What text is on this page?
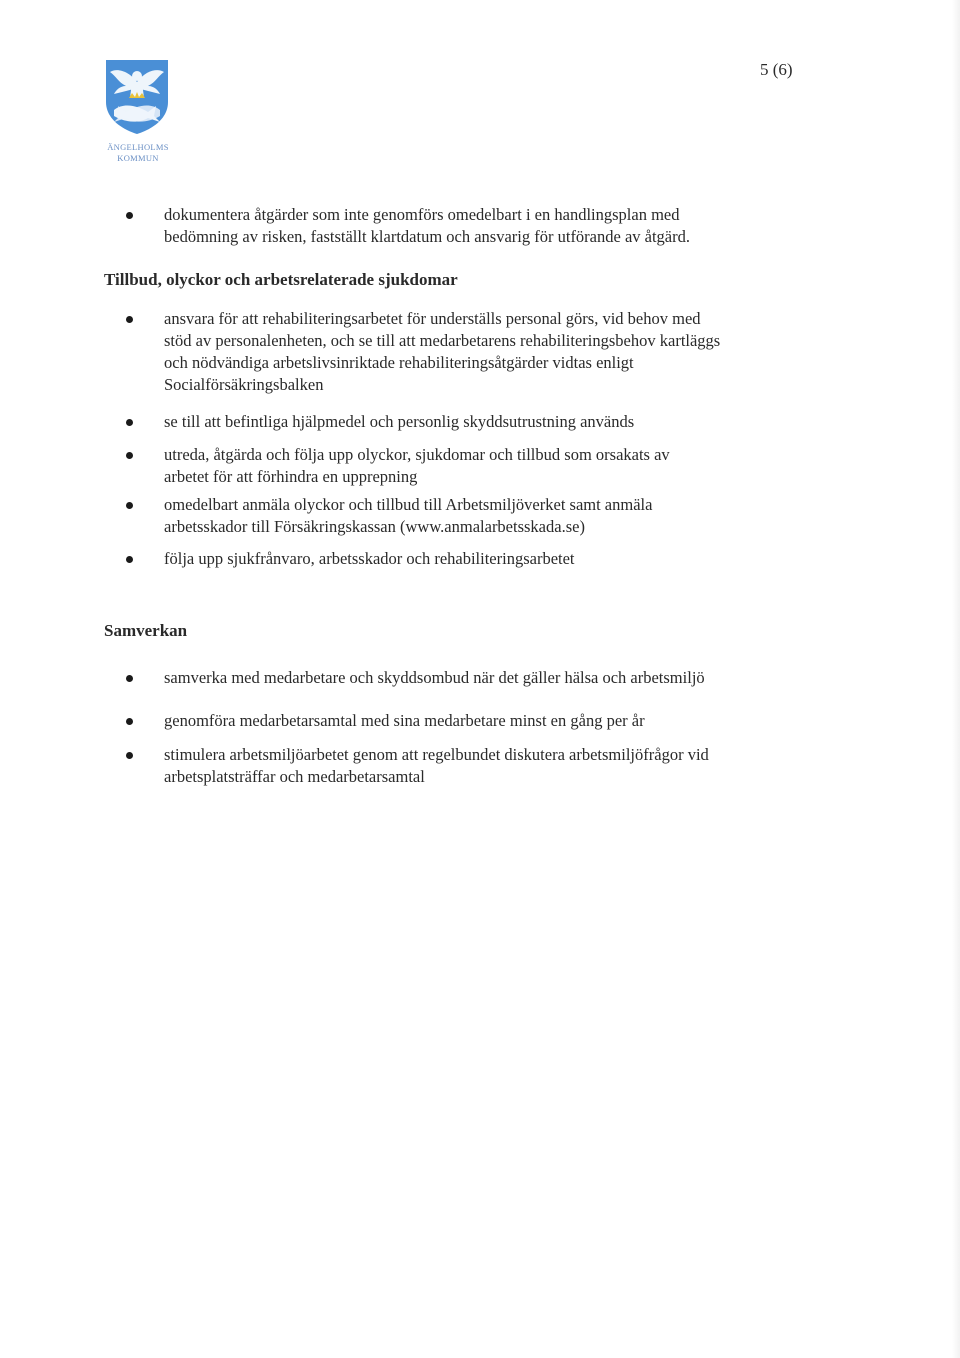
ÄNGELHOLMS
KOMMUN
5 (6)
dokumentera åtgärder som inte genomförs omedelbart i en handlingsplan med
bedömning av risken, fastställt klartdatum och ansvarig för utförande av åtgärd.
Tillbud, olyckor och arbetsrelaterade sjukdomar
ansvara för att rehabiliteringsarbetet för underställs personal görs, vid behov med
stöd av personalenheten, och se till att medarbetarens rehabiliteringsbehov kartläggs
och nödvändiga arbetslivsinriktade rehabiliteringsåtgärder vidtas enligt
Socialförsäkringsbalken
se till att befintliga hjälpmedel och personlig skyddsutrustning används
utreda, åtgärda och följa upp olyckor, sjukdomar och tillbud som orsakats av
arbetet för att förhindra en upprepning
omedelbart anmäla olyckor och tillbud till Arbetsmiljöverket samt anmäla
arbetsskador till Försäkringskassan (www.anmalarbetsskada.se)
följa upp sjukfrånvaro, arbetsskador och rehabiliteringsarbetet
Samverkan
samverka med medarbetare och skyddsombud när det gäller hälsa och arbetsmiljö
genomföra medarbetarsamtal med sina medarbetare minst en gång per år
stimulera arbetsmiljöarbetet genom att regelbundet diskutera arbetsmiljöfrågor vid
arbetsplatsträffar och medarbetarsamtal
